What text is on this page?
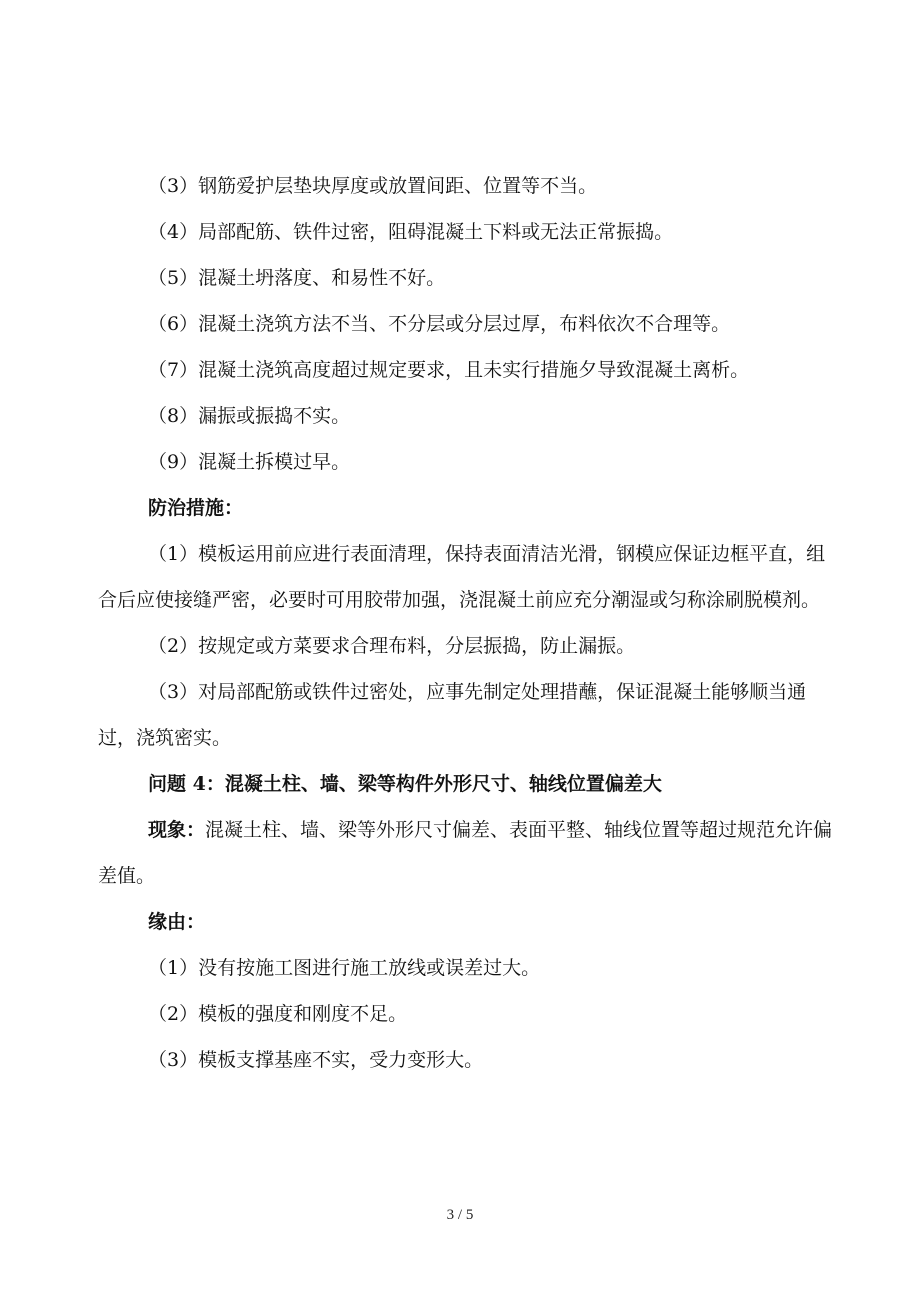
（3）钢筋爱护层垫块厚度或放置间距、位置等不当。

（4）局部配筋、铁件过密，阻碍混凝土下料或无法正常振捣。

（5）混凝土坍落度、和易性不好。

（6）混凝土浇筑方法不当、不分层或分层过厚，布料依次不合理等。

（7）混凝土浇筑高度超过规定要求，且未实行措施夕导致混凝土离析。

（8）漏振或振捣不实。

（9）混凝土拆模过早。

防治措施：

（1）模板运用前应进行表面清理，保持表面清洁光滑，钢模应保证边框平直，组合后应使接缝严密，必要时可用胶带加强，浇混凝土前应充分潮湿或匀称涂刷脱模剂。

（2）按规定或方菜要求合理布料，分层振捣，防止漏振。

（3）对局部配筋或铁件过密处，应事先制定处理措蘸，保证混凝土能够顺当通过，浇筑密实。

问题 4：混凝土柱、墙、梁等构件外形尺寸、轴线位置偏差大

现象：混凝土柱、墙、梁等外形尺寸偏差、表面平整、轴线位置等超过规范允许偏差值。

缘由：

（1）没有按施工图进行施工放线或误差过大。

（2）模板的强度和刚度不足。

（3）模板支撑基座不实，受力变形大。

3 / 5
